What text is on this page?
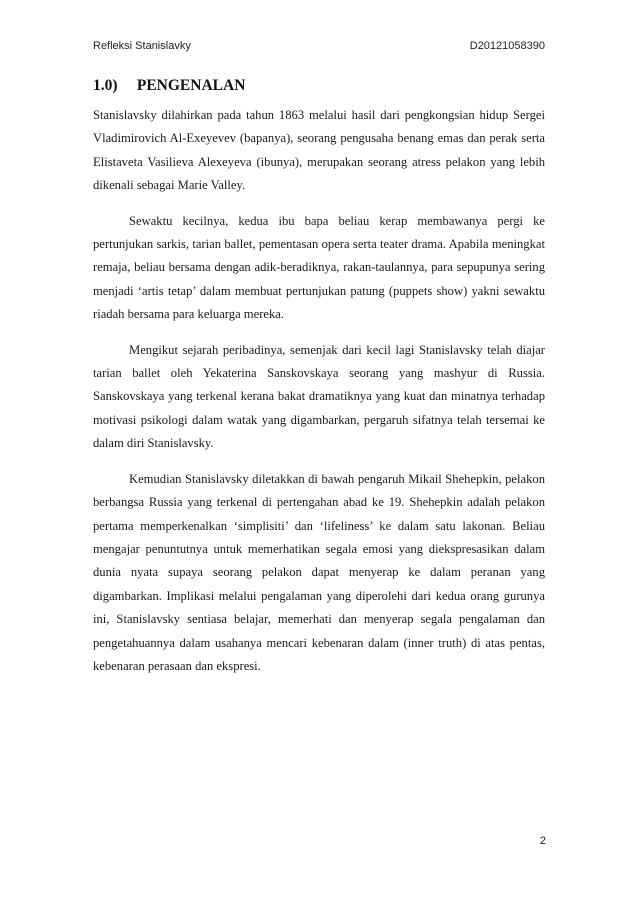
Refleksi Stanislavky	D20121058390
1.0) PENGENALAN

Stanislavsky dilahirkan pada tahun 1863 melalui hasil dari pengkongsian hidup Sergei Vladimirovich Al-Exeyevev (bapanya), seorang pengusaha benang emas dan perak serta Elistaveta Vasilieva Alexeyeva (ibunya), merupakan seorang atress pelakon yang lebih dikenali sebagai Marie Valley.

Sewaktu kecilnya, kedua ibu bapa beliau kerap membawanya pergi ke pertunjukan sarkis, tarian ballet, pementasan opera serta teater drama. Apabila meningkat remaja, beliau bersama dengan adik-beradiknya, rakan-taulannya, para sepupunya sering menjadi ‘artis tetap’ dalam membuat pertunjukan patung (puppets show) yakni sewaktu riadah bersama para keluarga mereka.

Mengikut sejarah peribadinya, semenjak dari kecil lagi Stanislavsky telah diajar tarian ballet oleh Yekaterina Sanskovskaya seorang yang mashyur di Russia. Sanskovskaya yang terkenal kerana bakat dramatiknya yang kuat dan minatnya terhadap motivasi psikologi dalam watak yang digambarkan, pergaruh sifatnya telah tersemai ke dalam diri Stanislavsky.

Kemudian Stanislavsky diletakkan di bawah pengaruh Mikail Shehepkin, pelakon berbangsa Russia yang terkenal di pertengahan abad ke 19. Shehepkin adalah pelakon pertama memperkenalkan ‘simplisiti’ dan ‘lifeliness’ ke dalam satu lakonan. Beliau mengajar penuntutnya untuk memerhatikan segala emosi yang diekspresasikan dalam dunia nyata supaya seorang pelakon dapat menyerap ke dalam peranan yang digambarkan. Implikasi melalui pengalaman yang diperolehi dari kedua orang gurunya ini, Stanislavsky sentiasa belajar, memerhati dan menyerap segala pengalaman dan pengetahuannya dalam usahanya mencari kebenaran dalam (inner truth) di atas pentas, kebenaran perasaan dan ekspresi.

2
